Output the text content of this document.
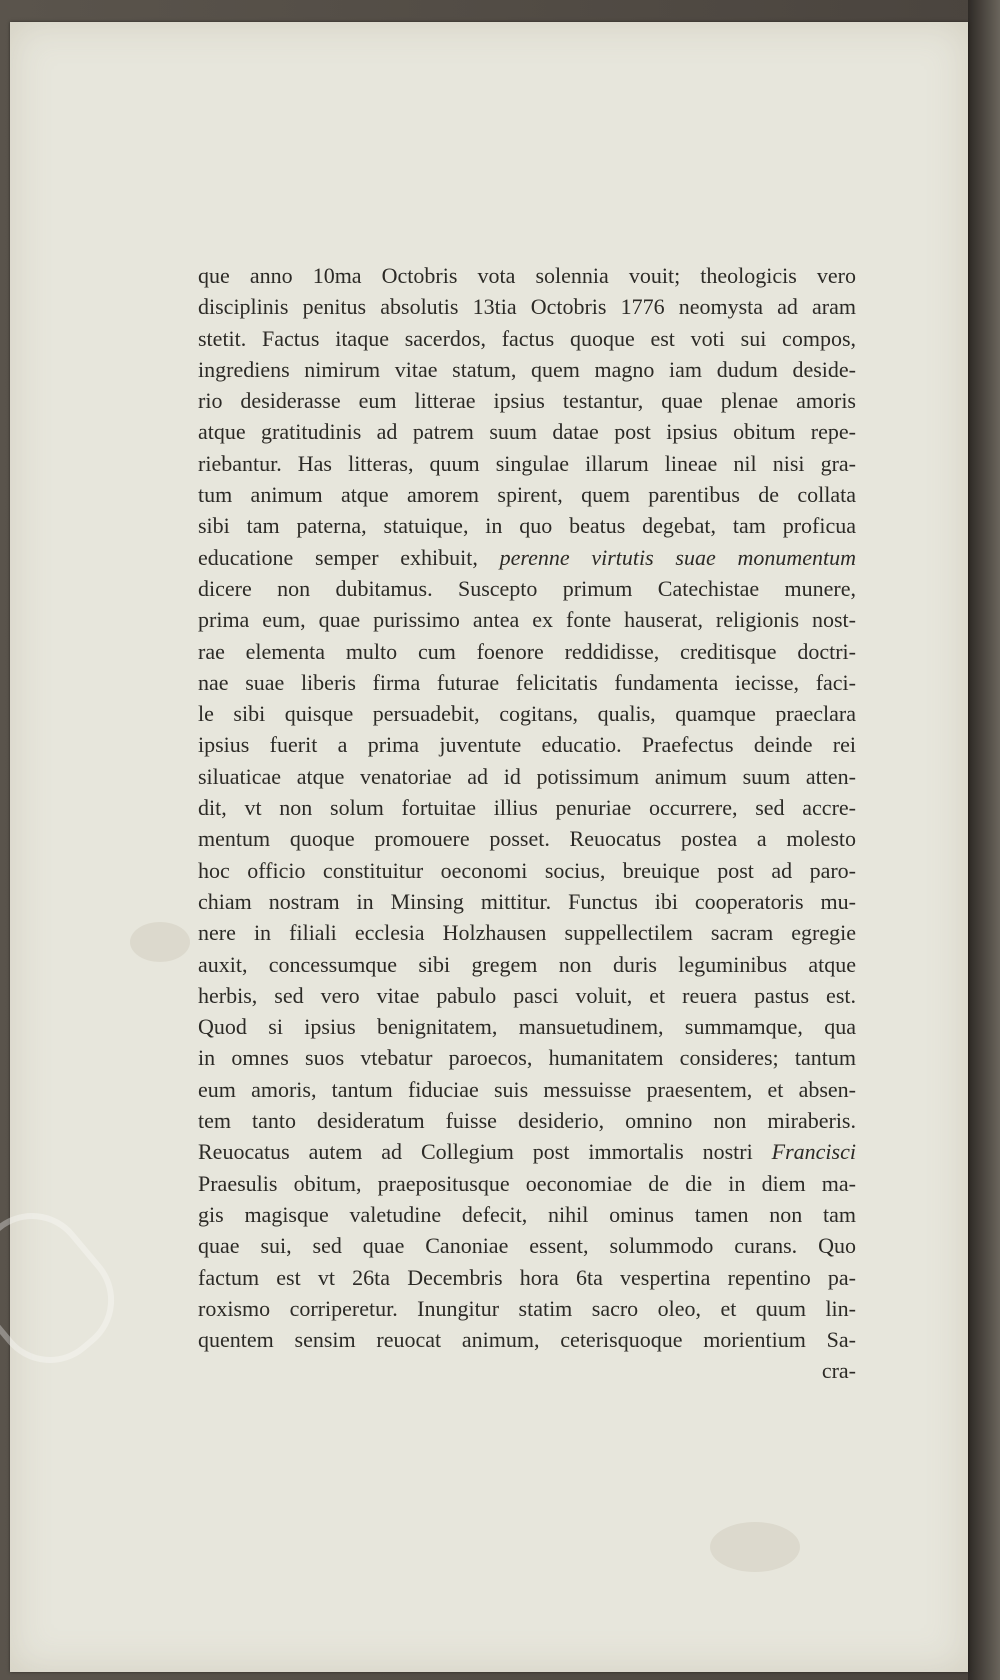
que anno 10ma Octobris vota solennia vouit; theologicis vero
disciplinis penitus absolutis 13tia Octobris 1776 neomysta ad aram
stetit. Factus itaque sacerdos, factus quoque est voti sui compos,
ingrediens nimirum vitae statum, quem magno iam dudum deside-
rio desiderasse eum litterae ipsius testantur, quae plenae amoris
atque gratitudinis ad patrem suum datae post ipsius obitum repe-
riebantur. Has litteras, quum singulae illarum lineae nil nisi gra-
tum animum atque amorem spirent, quem parentibus de collata
sibi tam paterna, statuique, in quo beatus degebat, tam proficua
educatione semper exhibuit, perenne virtutis suae monumentum
dicere non dubitamus. Suscepto primum Catechistae munere,
prima eum, quae purissimo antea ex fonte hauserat, religionis nost-
rae elementa multo cum foenore reddidisse, creditisque doctri-
nae suae liberis firma futurae felicitatis fundamenta iecisse, faci-
le sibi quisque persuadebit, cogitans, qualis, quamque praeclara
ipsius fuerit a prima juventute educatio. Praefectus deinde rei
siluaticae atque venatoriae ad id potissimum animum suum atten-
dit, vt non solum fortuitae illius penuriae occurrere, sed accre-
mentum quoque promouere posset. Reuocatus postea a molesto
hoc officio constituitur oeconomi socius, breuique post ad paro-
chiam nostram in Minsing mittitur. Functus ibi cooperatoris mu-
nere in filiali ecclesia Holzhausen suppellectilem sacram egregie
auxit, concessumque sibi gregem non duris leguminibus atque
herbis, sed vero vitae pabulo pasci voluit, et reuera pastus est.
Quod si ipsius benignitatem, mansuetudinem, summamque, qua
in omnes suos vtebatur paroecos, humanitatem consideres; tantum
eum amoris, tantum fiduciae suis messuisse praesentem, et absen-
tem tanto desideratum fuisse desiderio, omnino non miraberis.
Reuocatus autem ad Collegium post immortalis nostri Francisci
Praesulis obitum, praepositusque oeconomiae de die in diem ma-
gis magisque valetudine defecit, nihil ominus tamen non tam
quae sui, sed quae Canoniae essent, solummodo curans. Quo
factum est vt 26ta Decembris hora 6ta vespertina repentino pa-
roxismo corriperetur. Inungitur statim sacro oleo, et quum lin-
quentem sensim reuocat animum, ceterisquoque morientium Sa-
cra-
